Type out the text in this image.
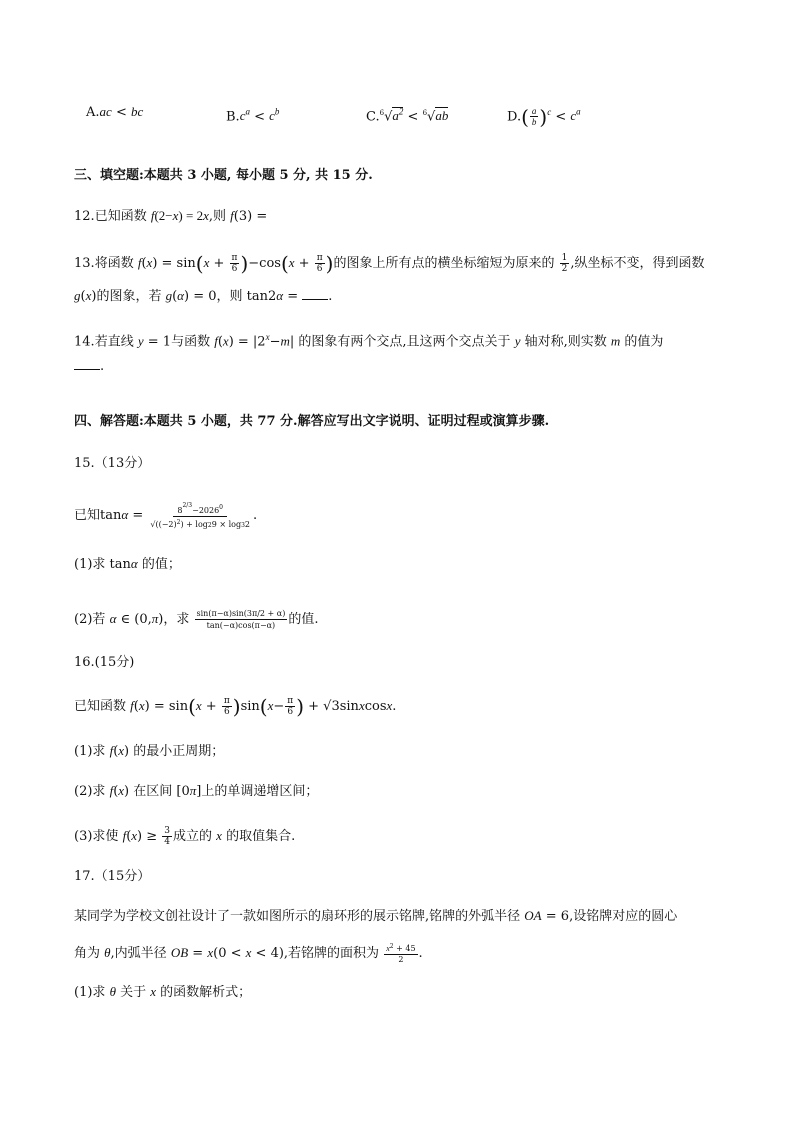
A.ac < bc	$B.c^a < c^b$	$C.^6√a^2 < ^6√ab$	$D.( \frac{a}{b} )^c < c^a$
三、填空题:本题共 3 小题, 每小题 5 分, 共 15 分.
12.已知函数 f(2−x) = 2x,则 f(3) =
13.将函数 $f(x) = \sin(x + \frac{\pi}{6} )-\cos(x + \frac{\pi}{6}$ )的图象上所有点的横坐标缩短为原来的 $\frac{1}{2}$ ,纵坐标不变，得到函数
g(x)的图象，若 g(α) = 0，则 tan2α = .
14.若直线 y = 1与函数 $f(x) = |2^x-m|$ 的图象有两个交点,且这两个交点关于 y 轴对称,则实数 m 的值为
.
四、解答题:本题共 5 小题，共 77 分.解答应写出文字说明、证明过程或演算步骤.
15.（13分）
已知$\tan\alpha = \frac{8^{2/3}-2026^0}{√((-2)^2) + \log 29 \times \log 32}$ .
(1)求 tanα 的值；
(2)若 α ∈ (0,π)，求 $\frac{\sin(\pi-\alpha)\sin(3\pi/2 + \alpha)}{\tan(-\alpha)\cos(\pi-\alpha)}$ 的值.
16.(15分)
已知函数 $f(x) = \sin(x + \frac{\pi}{6} )\sin(x- \frac{\pi}{6}$ ) + √3sinxcosx.
(1)求 f(x) 的最小正周期；
(2)求 f(x) 在区间 [0π]上的单调递增区间；
(3)求使 $f(x) \ge \frac{3}{4}$ 成立的 x 的取值集合.
17.（15分）
某同学为学校文创社设计了一款如图所示的扇环形的展示铭牌,铭牌的外弧半径 OA = 6,设铭牌对应的圆心
角为 θ,内弧半径 OB = x(0 < x < 4),若铭牌的面积为 $\frac{x^2 + 45}{2}$ .
(1)求 θ 关于 x 的函数解析式；
